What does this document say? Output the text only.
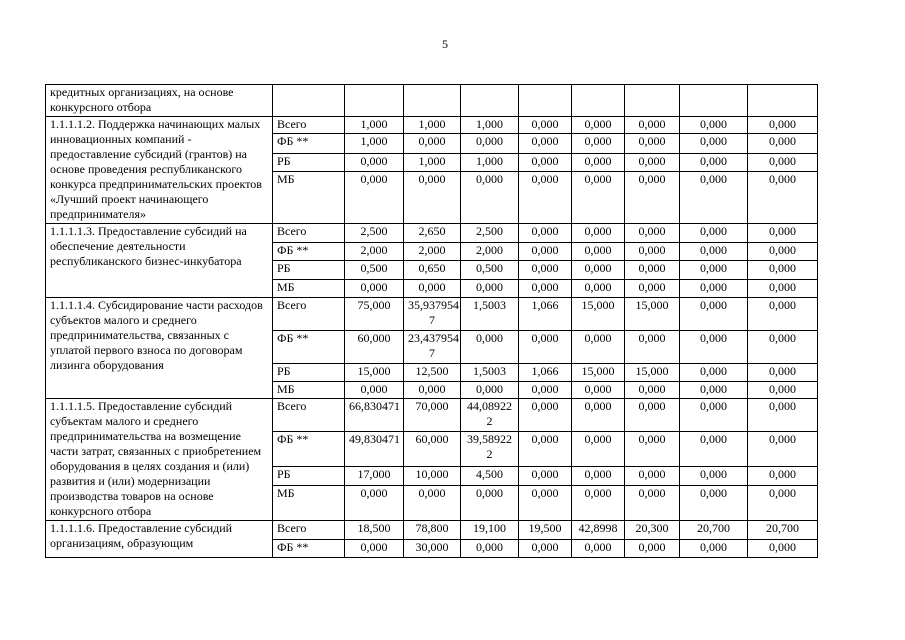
5
кредитных организациях, на основе
конкурсного отбора									
1.1.1.1.2. Поддержка начинающих малых инновационных компаний - предоставление субсидий (грантов) на основе проведения республиканского конкурса предпринимательских проектов «Лучший проект начинающего предпринимателя»	Всего	1,000	1,000	1,000	0,000	0,000	0,000	0,000	0,000
	ФБ **	1,000	0,000	0,000	0,000	0,000	0,000	0,000	0,000
	РБ	0,000	1,000	1,000	0,000	0,000	0,000	0,000	0,000
	МБ	0,000	0,000	0,000	0,000	0,000	0,000	0,000	0,000
1.1.1.1.3. Предоставление субсидий на обеспечение деятельности республиканского бизнес-инкубатора	Всего	2,500	2,650	2,500	0,000	0,000	0,000	0,000	0,000
	ФБ **	2,000	2,000	2,000	0,000	0,000	0,000	0,000	0,000
	РБ	0,500	0,650	0,500	0,000	0,000	0,000	0,000	0,000
	МБ	0,000	0,000	0,000	0,000	0,000	0,000	0,000	0,000
1.1.1.1.4. Субсидирование части расходов субъектов малого и среднего предпринимательства, связанных с уплатой первого взноса по договорам лизинга оборудования	Всего	75,000	35,937954
7	1,5003	1,066	15,000	15,000	0,000	0,000
	ФБ **	60,000	23,437954
7	0,000	0,000	0,000	0,000	0,000	0,000
	РБ	15,000	12,500	1,5003	1,066	15,000	15,000	0,000	0,000
	МБ	0,000	0,000	0,000	0,000	0,000	0,000	0,000	0,000
1.1.1.1.5. Предоставление субсидий субъектам малого и среднего предпринимательства на возмещение части затрат, связанных с приобретением оборудования в целях создания и (или) развития и (или) модернизации производства товаров на основе конкурсного отбора	Всего	66,830471	70,000	44,08922
2	0,000	0,000	0,000	0,000	0,000
	ФБ **	49,830471	60,000	39,58922
2	0,000	0,000	0,000	0,000	0,000
	РБ	17,000	10,000	4,500	0,000	0,000	0,000	0,000	0,000
	МБ	0,000	0,000	0,000	0,000	0,000	0,000	0,000	0,000
1.1.1.1.6. Предоставление субсидий организациям, образующим	Всего	18,500	78,800	19,100	19,500	42,8998	20,300	20,700	20,700
	ФБ **	0,000	30,000	0,000	0,000	0,000	0,000	0,000	0,000
